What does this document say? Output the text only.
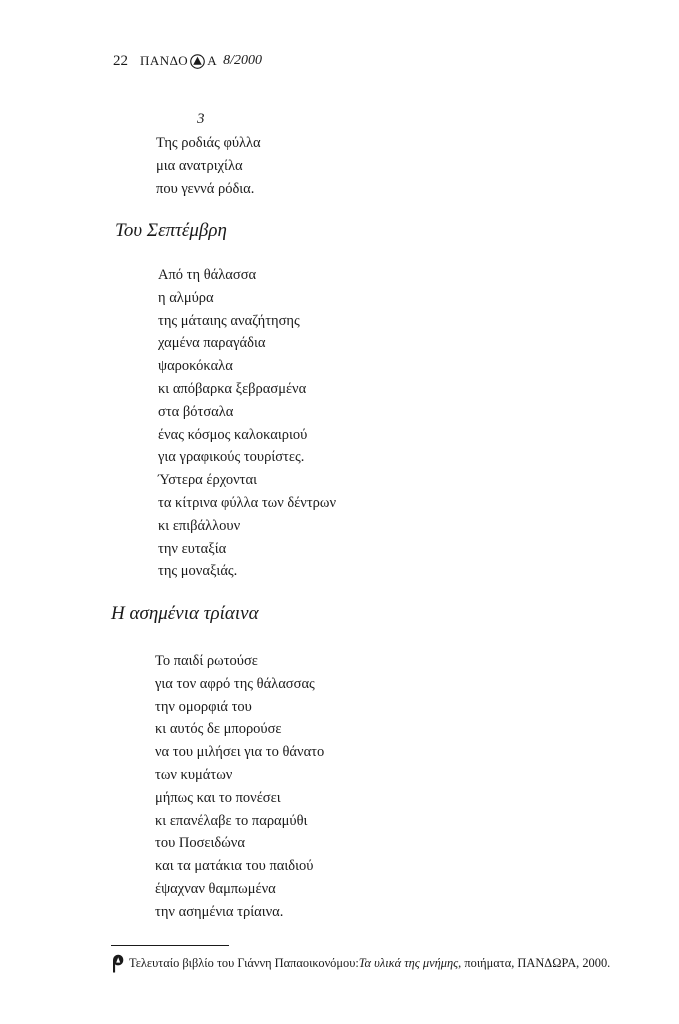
22 ΠΑΝΔΟ Α 8/2000
3
Της ροδιάς φύλλα
μια ανατριχίλα
που γεννά ρόδια.
Του Σεπτέμβρη
Από τη θάλασσα
η αλμύρα
της μάταιης αναζήτησης
χαμένα παραγάδια
ψαροκόκαλα
κι απόβαρκα ξεβρασμένα
στα βότσαλα
ένας κόσμος καλοκαιριού
για γραφικούς τουρίστες.
Ύστερα έρχονται
τα κίτρινα φύλλα των δέντρων
κι επιβάλλουν
την ευταξία
της μοναξιάς.
Η ασημένια τρίαινα
Το παιδί ρωτούσε
για τον αφρό της θάλασσας
την ομορφιά του
κι αυτός δε μπορούσε
να του μιλήσει για το θάνατο
των κυμάτων
μήπως και το πονέσει
κι επανέλαβε το παραμύθι
του Ποσειδώνα
και τα ματάκια του παιδιού
έψαχναν θαμπωμένα
την ασημένια τρίαινα.
Τελευταίο βιβλίο του Γιάννη Παπαοικονόμου: Τα υλικά της μνήμης , ποιήματα, ΠΑΝΔΩΡΑ, 2000.
